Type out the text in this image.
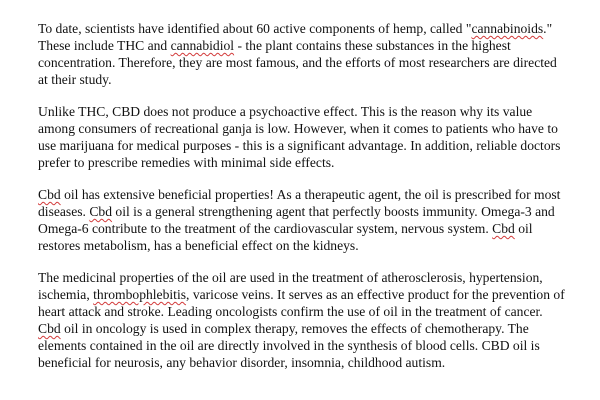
To date, scientists have identified about 60 active components of hemp, called "cannabinoids."
These include THC and cannabidiol - the plant contains these substances in the highest
concentration. Therefore, they are most famous, and the efforts of most researchers are directed
at their study.

Unlike THC, CBD does not produce a psychoactive effect. This is the reason why its value
among consumers of recreational ganja is low. However, when it comes to patients who have to
use marijuana for medical purposes - this is a significant advantage. In addition, reliable doctors
prefer to prescribe remedies with minimal side effects.

Cbd oil has extensive beneficial properties! As a therapeutic agent, the oil is prescribed for most
diseases. Cbd oil is a general strengthening agent that perfectly boosts immunity. Omega-3 and
Omega-6 contribute to the treatment of the cardiovascular system, nervous system. Cbd oil
restores metabolism, has a beneficial effect on the kidneys.

The medicinal properties of the oil are used in the treatment of atherosclerosis, hypertension,
ischemia, thrombophlebitis, varicose veins. It serves as an effective product for the prevention of
heart attack and stroke. Leading oncologists confirm the use of oil in the treatment of cancer.
Cbd oil in oncology is used in complex therapy, removes the effects of chemotherapy. The
elements contained in the oil are directly involved in the synthesis of blood cells. CBD oil is
beneficial for neurosis, any behavior disorder, insomnia, childhood autism.
